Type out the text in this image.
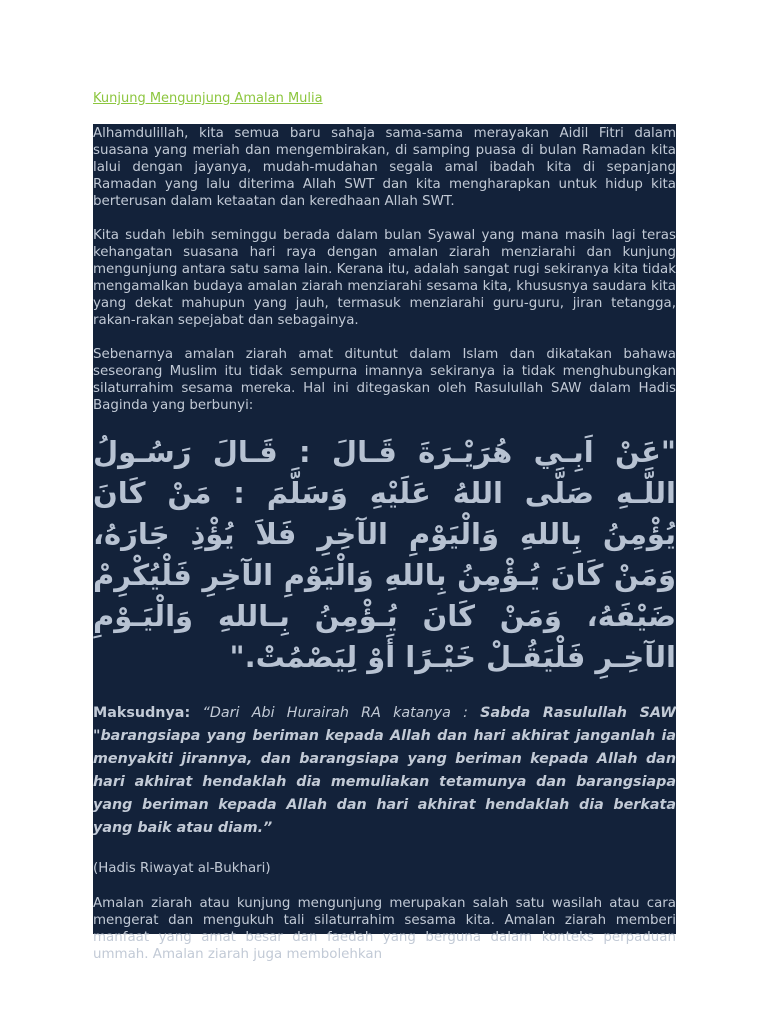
Kunjung Mengunjung Amalan Mulia

Alhamdulillah, kita semua baru sahaja sama-sama merayakan Aidil Fitri dalam suasana yang meriah dan mengembirakan, di samping puasa di bulan Ramadan kita lalui dengan jayanya, mudah-mudahan segala amal ibadah kita di sepanjang Ramadan yang lalu diterima Allah SWT dan kita mengharapkan untuk hidup kita berterusan dalam ketaatan dan keredhaan Allah SWT.

Kita sudah lebih seminggu berada dalam bulan Syawal yang mana masih lagi teras kehangatan suasana hari raya dengan amalan ziarah menziarahi dan kunjung mengunjung antara satu sama lain. Kerana itu, adalah sangat rugi sekiranya kita tidak mengamalkan budaya amalan ziarah menziarahi sesama kita, khususnya saudara kita yang dekat mahupun yang jauh, termasuk menziarahi guru-guru, jiran tetangga, rakan-rakan sepejabat dan sebagainya.

Sebenarnya amalan ziarah amat dituntut dalam Islam dan dikatakan bahawa seseorang Muslim itu tidak sempurna imannya sekiranya ia tidak menghubungkan silaturrahim sesama mereka. Hal ini ditegaskan oleh Rasulullah SAW dalam Hadis Baginda yang berbunyi:

"عَنْ اَبِـي هُرَيْـرَةَ قَـالَ : قَـالَ رَسُـولُ اللَّـهِ صَلَّى اللهُ عَلَيْهِ وَسَلَّمَ : مَنْ كَانَ يُؤْمِنُ بِاللهِ وَالْيَوْمِ الآخِرِ فَلاَ يُؤْذِ جَارَهُ، وَمَنْ كَانَ يُـؤْمِنُ بِاللهِ وَالْيَوْمِ الآخِرِ فَلْيُكْرِمْ ضَيْفَهُ، وَمَنْ كَانَ يُـؤْمِنُ بِـاللهِ وَالْيَـوْمِ الآخِـرِ فَلْيَقُـلْ خَيْـرًا أَوْ لِيَصْمُتْ."

Maksudnya: “Dari Abi Hurairah RA katanya : Sabda Rasulullah SAW "barangsiapa yang beriman kepada Allah dan hari akhirat janganlah ia menyakiti jirannya, dan barangsiapa yang beriman kepada Allah dan hari akhirat hendaklah dia memuliakan tetamunya dan barangsiapa yang beriman kepada Allah dan hari akhirat hendaklah dia berkata yang baik atau diam.”

(Hadis Riwayat al-Bukhari)

Amalan ziarah atau kunjung mengunjung merupakan salah satu wasilah atau cara mengerat dan mengukuh tali silaturrahim sesama kita. Amalan ziarah memberi manfaat yang amat besar dan faedah yang berguna dalam konteks perpaduan ummah. Amalan ziarah juga membolehkan
